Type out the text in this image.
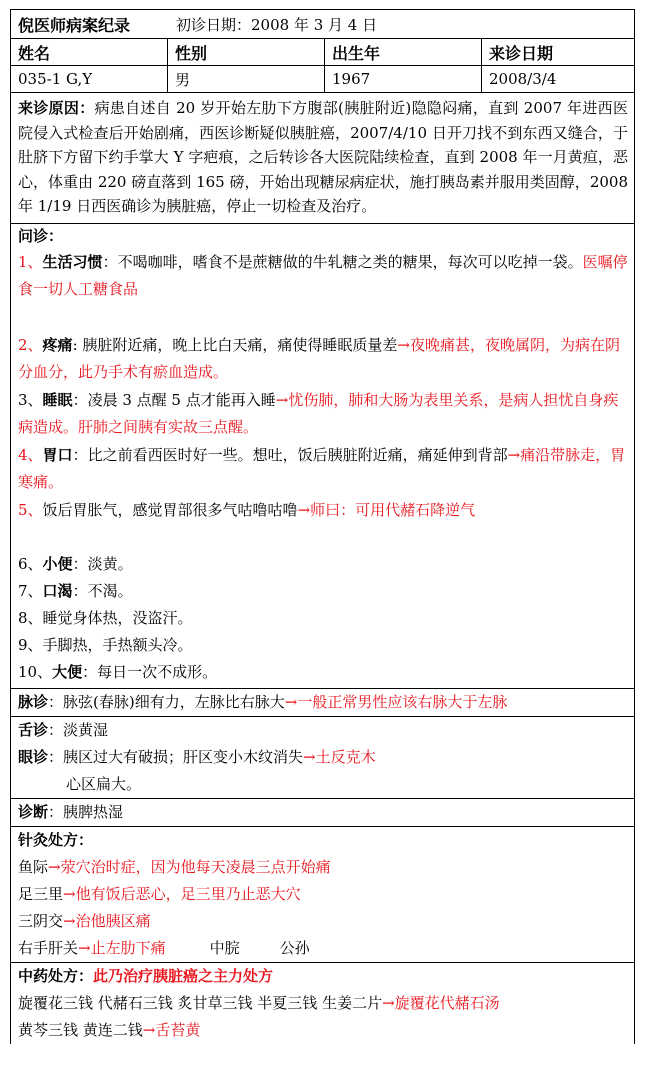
倪医师病案纪录	初诊日期：2008 年 3 月 4 日
姓名	性别	出生年	来诊日期
035-1 G,Y	男	1967	2008/3/4
来诊原因：病患自述自 20 岁开始左肋下方腹部(胰脏附近)隐隐闷痛，直到 2007 年进西医院侵入式检查后开始剧痛，西医诊断疑似胰脏癌，2007/4/10 日开刀找不到东西又缝合，于肚脐下方留下约手掌大 Y 字疤痕，之后转诊各大医院陆续检查，直到 2008 年一月黄疸，恶心，体重由 220 磅直落到 165 磅，开始出现糖尿病症状，施打胰岛素并服用类固醇，2008 年 1/19 日西医确诊为胰脏癌，停止一切检查及治疗。
问诊：
1、生活习惯：不喝咖啡，嗜食不是蔗糖做的牛轧糖之类的糖果，每次可以吃掉一袋。医嘱停食一切人工糖食品
2、疼痛: 胰脏附近痛，晚上比白天痛，痛使得睡眠质量差→夜晚痛甚，夜晚属阴，为病在阴分血分，此乃手术有瘀血造成。
3、睡眠：凌晨 3 点醒 5 点才能再入睡→忧伤肺，肺和大肠为表里关系，是病人担忧自身疾病造成。肝肺之间胰有实故三点醒。
4、胃口：比之前看西医时好一些。想吐，饭后胰脏附近痛，痛延伸到背部→痛沿带脉走，胃寒痛。
5、饭后胃胀气，感觉胃部很多气咕噜咕噜→师曰：可用代赭石降逆气
6、小便：淡黄。
7、口渴：不渴。
8、睡觉身体热，没盗汗。
9、手脚热，手热额头冷。
10、大便：每日一次不成形。
脉诊：脉弦(春脉)细有力，左脉比右脉大→一般正常男性应该右脉大于左脉
舌诊：淡黄湿
眼诊：胰区过大有破损；肝区变小木纹消失→土反克木
心区扁大。
诊断：胰脾热湿
针灸处方：
鱼际→荥穴治时症，因为他每天凌晨三点开始痛
足三里→他有饭后恶心，足三里乃止恶大穴
三阴交→治他胰区痛
右手肝关→止左肋下痛	中脘	公孙
中药处方：此乃治疗胰脏癌之主力处方
旋覆花三钱 代赭石三钱 炙甘草三钱 半夏三钱 生姜二片→旋覆花代赭石汤
黄芩三钱 黄连二钱→舌苔黄
